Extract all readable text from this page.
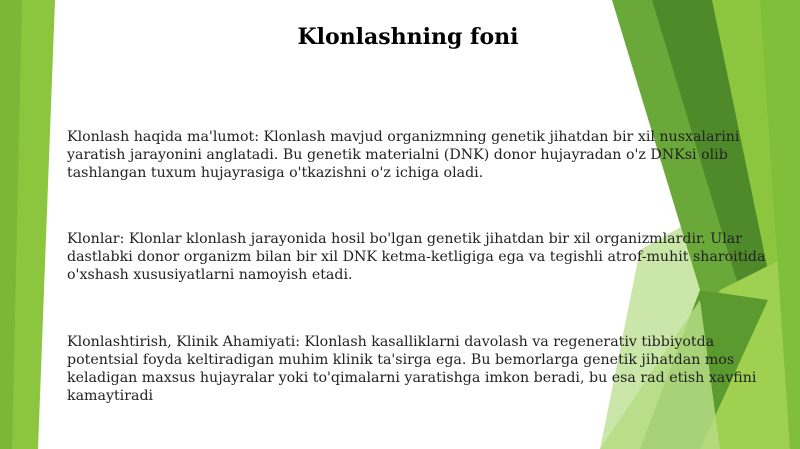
Klonlashning foni

Klonlash haqida ma'lumot: Klonlash mavjud organizmning genetik jihatdan bir xil nusxalarini yaratish jarayonini anglatadi. Bu genetik materialni (DNK) donor hujayradan o'z DNKsi olib tashlangan tuxum hujayrasiga o'tkazishni o'z ichiga oladi.

Klonlar: Klonlar klonlash jarayonida hosil bo'lgan genetik jihatdan bir xil organizmlardir. Ular dastlabki donor organizm bilan bir xil DNK ketma-ketligiga ega va tegishli atrof-muhit sharoitida o'xshash xususiyatlarni namoyish etadi.

Klonlashtirish, Klinik Ahamiyati: Klonlash kasalliklarni davolash va regenerativ tibbiyotda potentsial foyda keltiradigan muhim klinik ta'sirga ega. Bu bemorlarga genetik jihatdan mos keladigan maxsus hujayralar yoki to'qimalarni yaratishga imkon beradi, bu esa rad etish xavfini kamaytiradi
